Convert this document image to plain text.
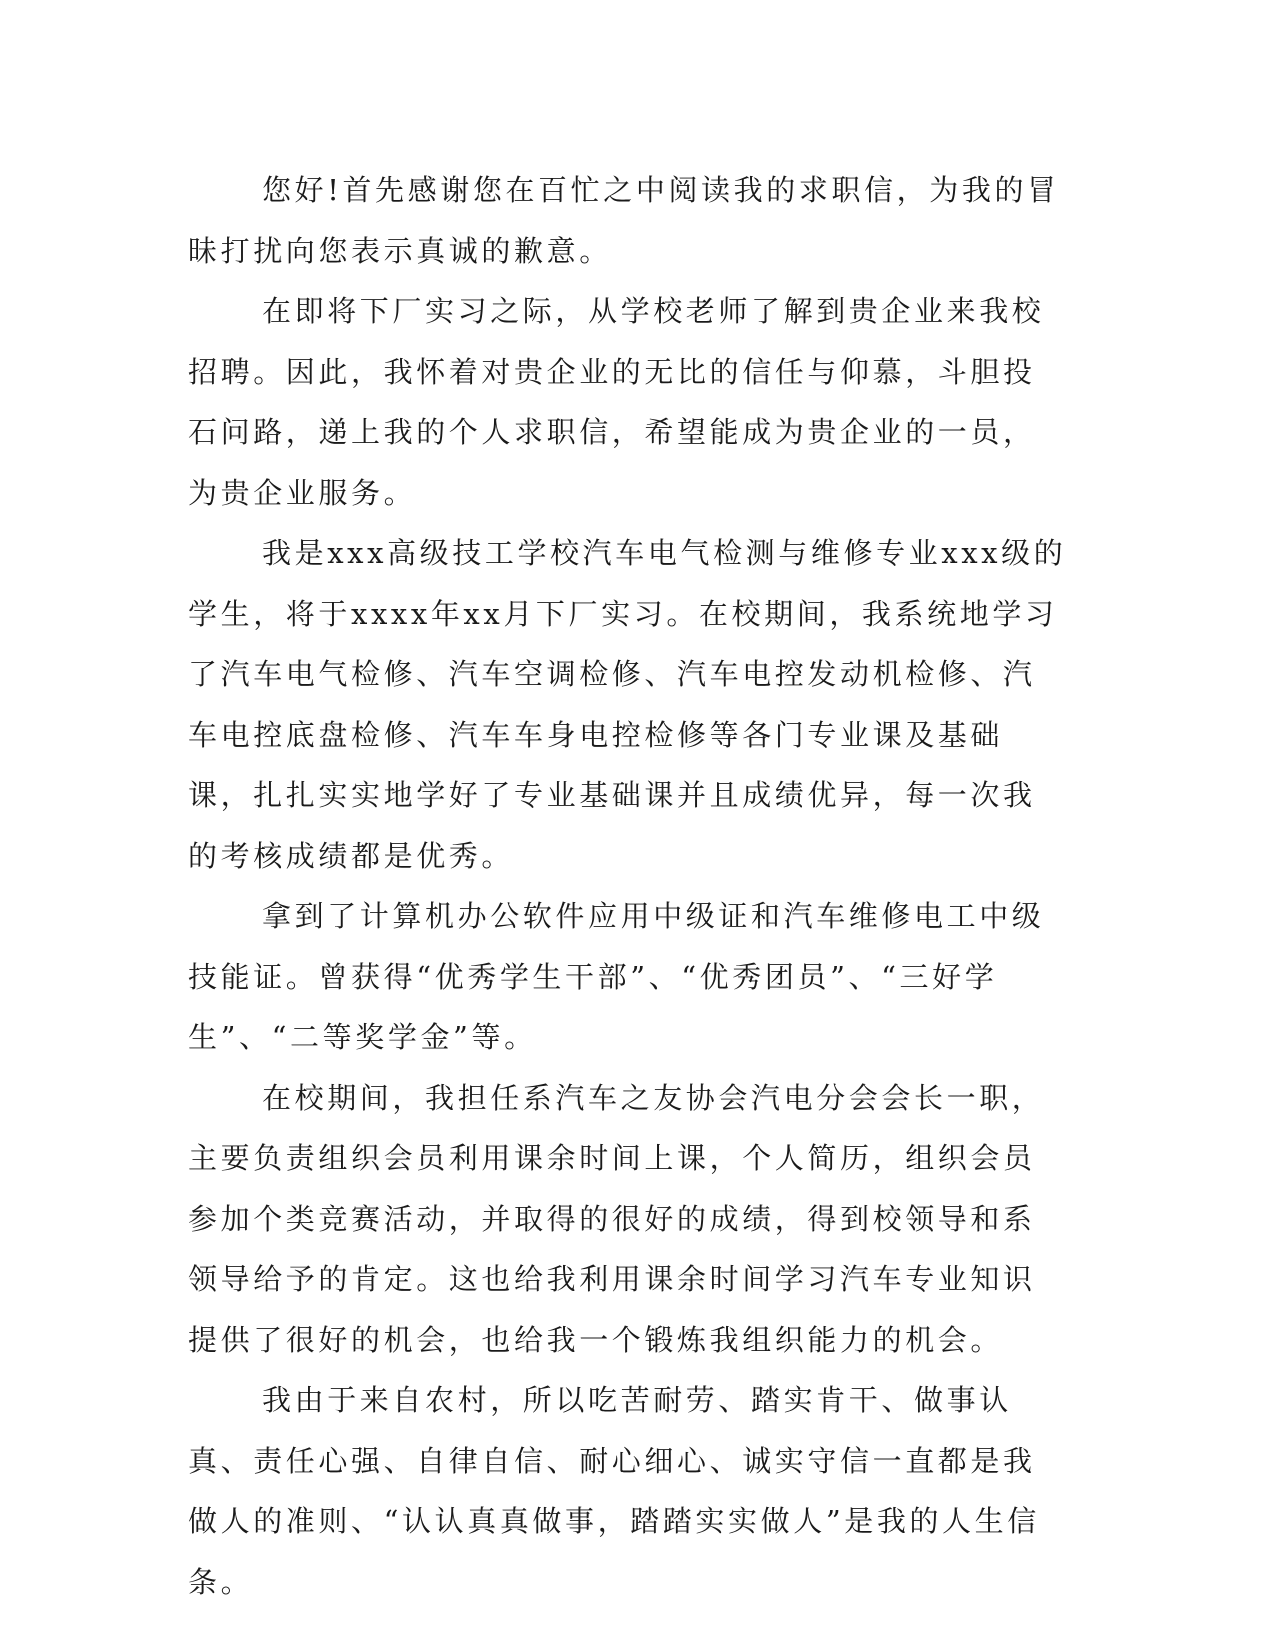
您好!首先感谢您在百忙之中阅读我的求职信，为我的冒昧打扰向您表示真诚的歉意。

在即将下厂实习之际，从学校老师了解到贵企业来我校招聘。因此，我怀着对贵企业的无比的信任与仰慕，斗胆投石问路，递上我的个人求职信，希望能成为贵企业的一员，为贵企业服务。

我是xxx高级技工学校汽车电气检测与维修专业xxx级的学生，将于xxxx年xx月下厂实习。在校期间，我系统地学习了汽车电气检修、汽车空调检修、汽车电控发动机检修、汽车电控底盘检修、汽车车身电控检修等各门专业课及基础课，扎扎实实地学好了专业基础课并且成绩优异，每一次我的考核成绩都是优秀。

拿到了计算机办公软件应用中级证和汽车维修电工中级技能证。曾获得“优秀学生干部”、“优秀团员”、“三好学生”、“二等奖学金”等。

在校期间，我担任系汽车之友协会汽电分会会长一职，主要负责组织会员利用课余时间上课，个人简历，组织会员参加个类竞赛活动，并取得的很好的成绩，得到校领导和系领导给予的肯定。这也给我利用课余时间学习汽车专业知识提供了很好的机会，也给我一个锻炼我组织能力的机会。

我由于来自农村，所以吃苦耐劳、踏实肯干、做事认真、责任心强、自律自信、耐心细心、诚实守信一直都是我做人的准则、“认认真真做事，踏踏实实做人”是我的人生信条。
